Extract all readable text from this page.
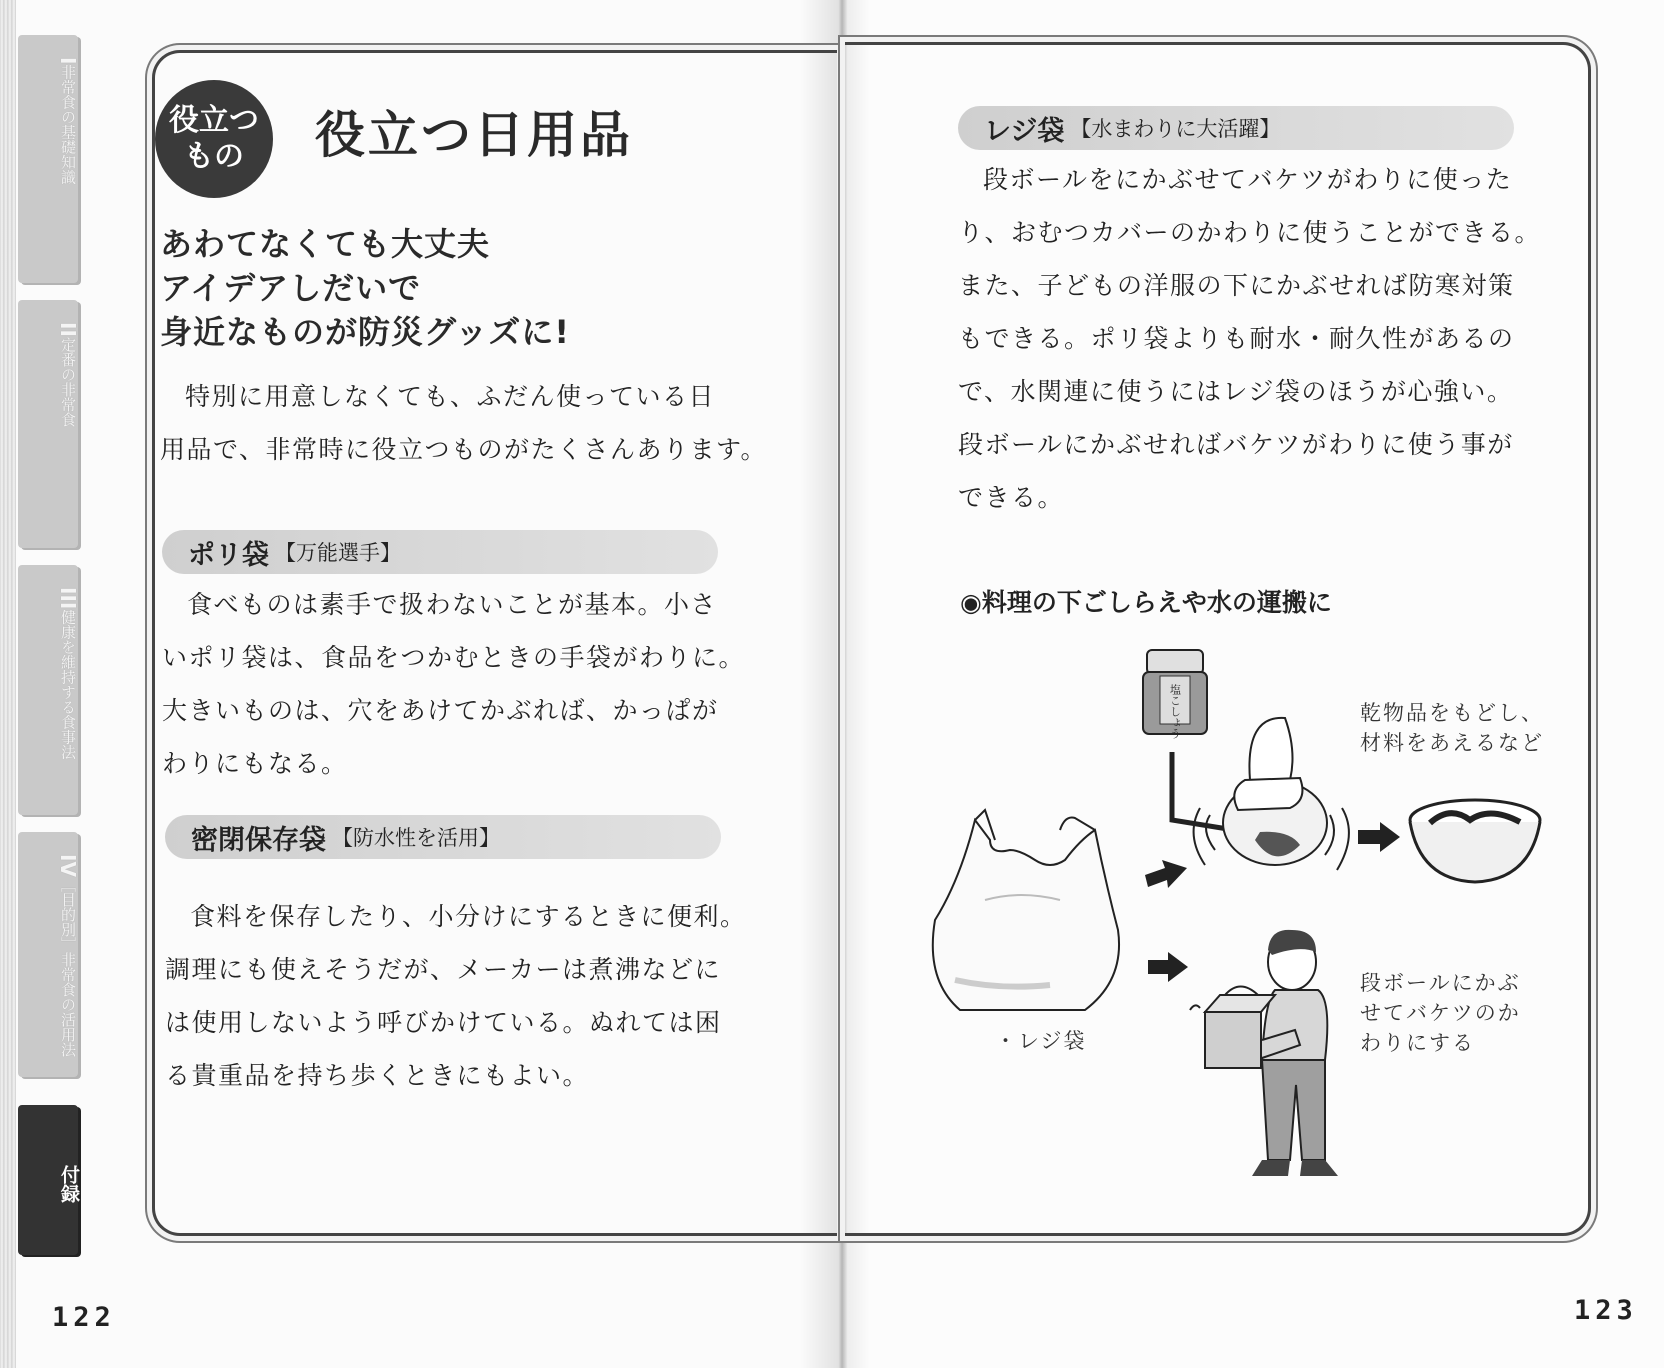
I非常食の基礎知識
II定番の非常食
III健康を維持する食事法
IV［目的別］非常食の活用法
付録
役立つもの	役立つ日用品
あわてなくても大丈夫
アイデアしだいで
身近なものが防災グッズに!

特別に用意しなくても、ふだん使っている日

用品で、非常時に役立つものがたくさんあります。

ポリ袋 【万能選手】

食べものは素手で扱わないことが基本。小さ

いポリ袋は、食品をつかむときの手袋がわりに。

大きいものは、穴をあけてかぶれば、かっぱが

わりにもなる。

密閉保存袋 【防水性を活用】

食料を保存したり、小分けにするときに便利。

調理にも使えそうだが、メーカーは煮沸などに

は使用しないよう呼びかけている。ぬれては困

る貴重品を持ち歩くときにもよい。

122
レジ袋 【水まわりに大活躍】

段ボールをにかぶせてバケツがわりに使った

り、おむつカバーのかわりに使うことができる。

また、子どもの洋服の下にかぶせれば防寒対策

もできる。ポリ袋よりも耐水・耐久性があるの

で、水関連に使うにはレジ袋のほうが心強い。

段ボールにかぶせればバケツがわりに使う事が

できる。

◉料理の下ごしらえや水の運搬に
塩こしょう	乾物品をもどし、
材料をあえるなど
・レジ袋
段ボールにかぶ
せてバケツのか
わりにする
123
